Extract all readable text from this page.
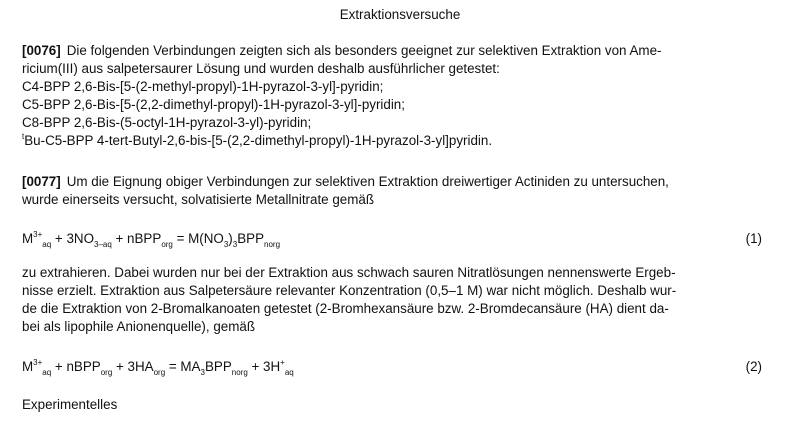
Extraktionsversuche
[0076] Die folgenden Verbindungen zeigten sich als besonders geeignet zur selektiven Extraktion von Ame-
ricium(III) aus salpetersaurer Lösung und wurden deshalb ausführlicher getestet:
C4-BPP 2,6-Bis-[5-(2-methyl-propyl)-1H-pyrazol-3-yl]-pyridin;
C5-BPP 2,6-Bis-[5-(2,2-dimethyl-propyl)-1H-pyrazol-3-yl]-pyridin;
C8-BPP 2,6-Bis-(5-octyl-1H-pyrazol-3-yl)-pyridin;
$^t$Bu-C5-BPP 4-tert-Butyl-2,6-bis-[5-(2,2-dimethyl-propyl)-1H-pyrazol-3-yl]pyridin.
[0077] Um die Eignung obiger Verbindungen zur selektiven Extraktion dreiwertiger Actiniden zu untersuchen,
wurde einerseits versucht, solvatisierte Metallnitrate gemäß
$M^{3+}_{aq} + 3NO_{3-aq}$ + nBPP$_{org}$ = $M(NO_3)_3BPP_{norg}$	(1)
zu extrahieren. Dabei wurden nur bei der Extraktion aus schwach sauren Nitratlösungen nennenswerte Ergeb-
nisse erzielt. Extraktion aus Salpetersäure relevanter Konzentration (0,5–1 M) war nicht möglich. Deshalb wur-
de die Extraktion von 2-Bromalkanoaten getestet (2-Bromhexansäure bzw. 2-Bromdecansäure (HA) dient da-
bei als lipophile Anionenquelle), gemäß
$M^{3+}_{aq}$ + nBPP$_{org}$ + $3HA_{org} = MA_3BPP_{norg} + 3H^+_{aq}$	(2)
Experimentelles
